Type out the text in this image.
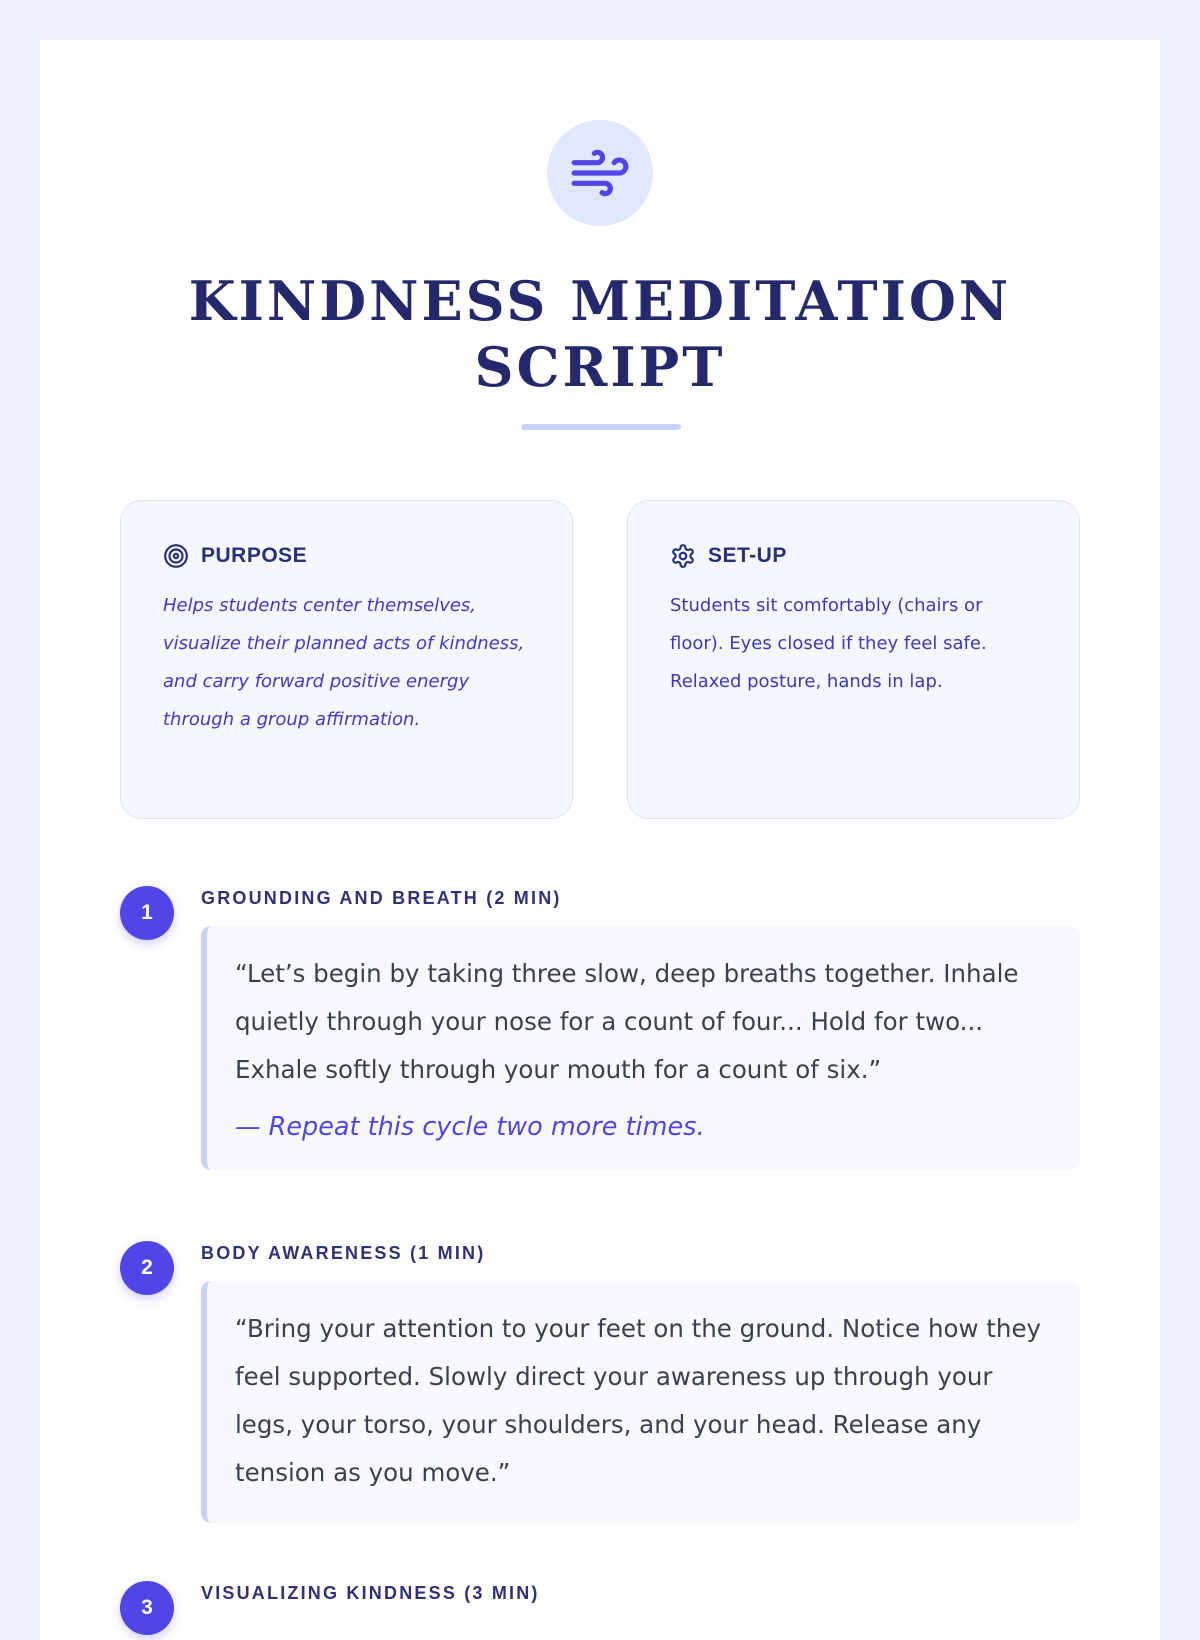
KINDNESS MEDITATION
SCRIPT
PURPOSE
Helps students center themselves, visualize their planned acts of kindness, and carry forward positive energy through a group affirmation.
SET-UP
Students sit comfortably (chairs or floor). Eyes closed if they feel safe. Relaxed posture, hands in lap.
1
GROUNDING AND BREATH (2 MIN)

“Let’s begin by taking three slow, deep breaths together. Inhale quietly through your nose for a count of four... Hold for two... Exhale softly through your mouth for a count of six.”

— Repeat this cycle two more times.
2
BODY AWARENESS (1 MIN)

“Bring your attention to your feet on the ground. Notice how they feel supported. Slowly direct your awareness up through your legs, your torso, your shoulders, and your head. Release any tension as you move.”

3
VISUALIZING KINDNESS (3 MIN)
